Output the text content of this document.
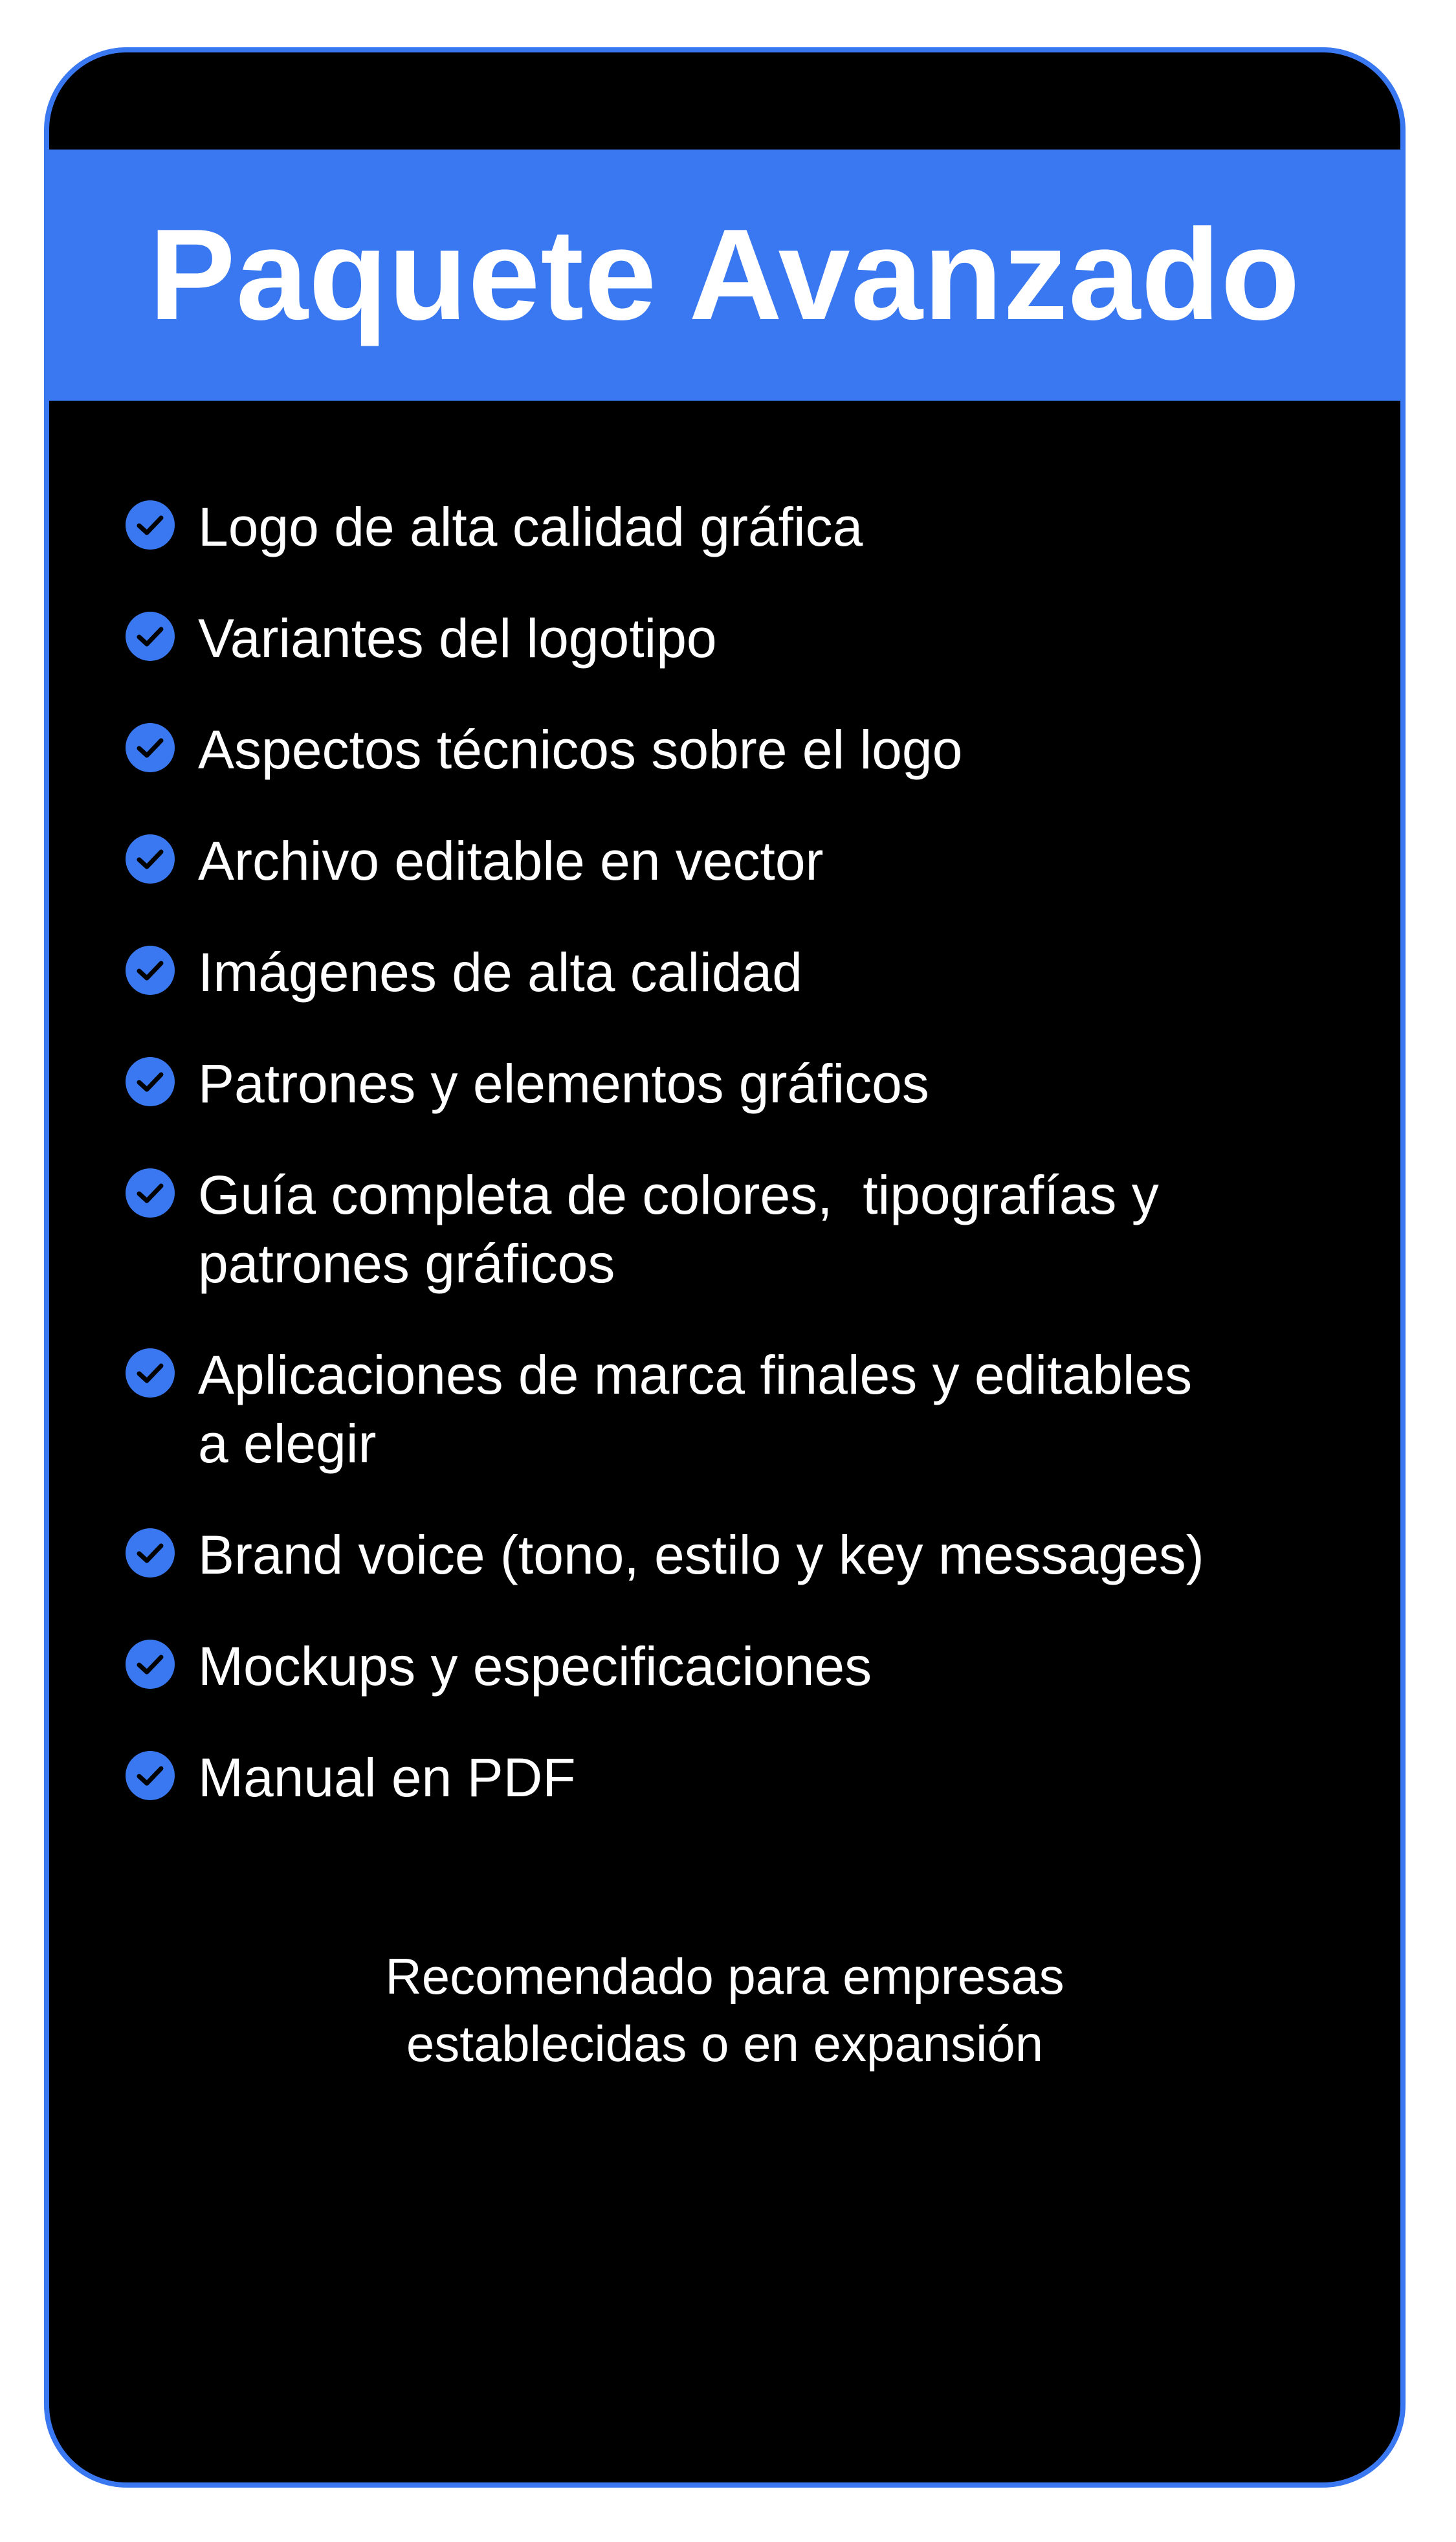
Paquete Avanzado
Logo de alta calidad gráfica
Variantes del logotipo
Aspectos técnicos sobre el logo
Archivo editable en vector
Imágenes de alta calidad
Patrones y elementos gráficos
Guía completa de colores,  tipografías y
patrones gráficos
Aplicaciones de marca finales y editables
a elegir
Brand voice (tono, estilo y key messages)
Mockups y especificaciones
Manual en PDF
Recomendado para empresas
establecidas o en expansión
